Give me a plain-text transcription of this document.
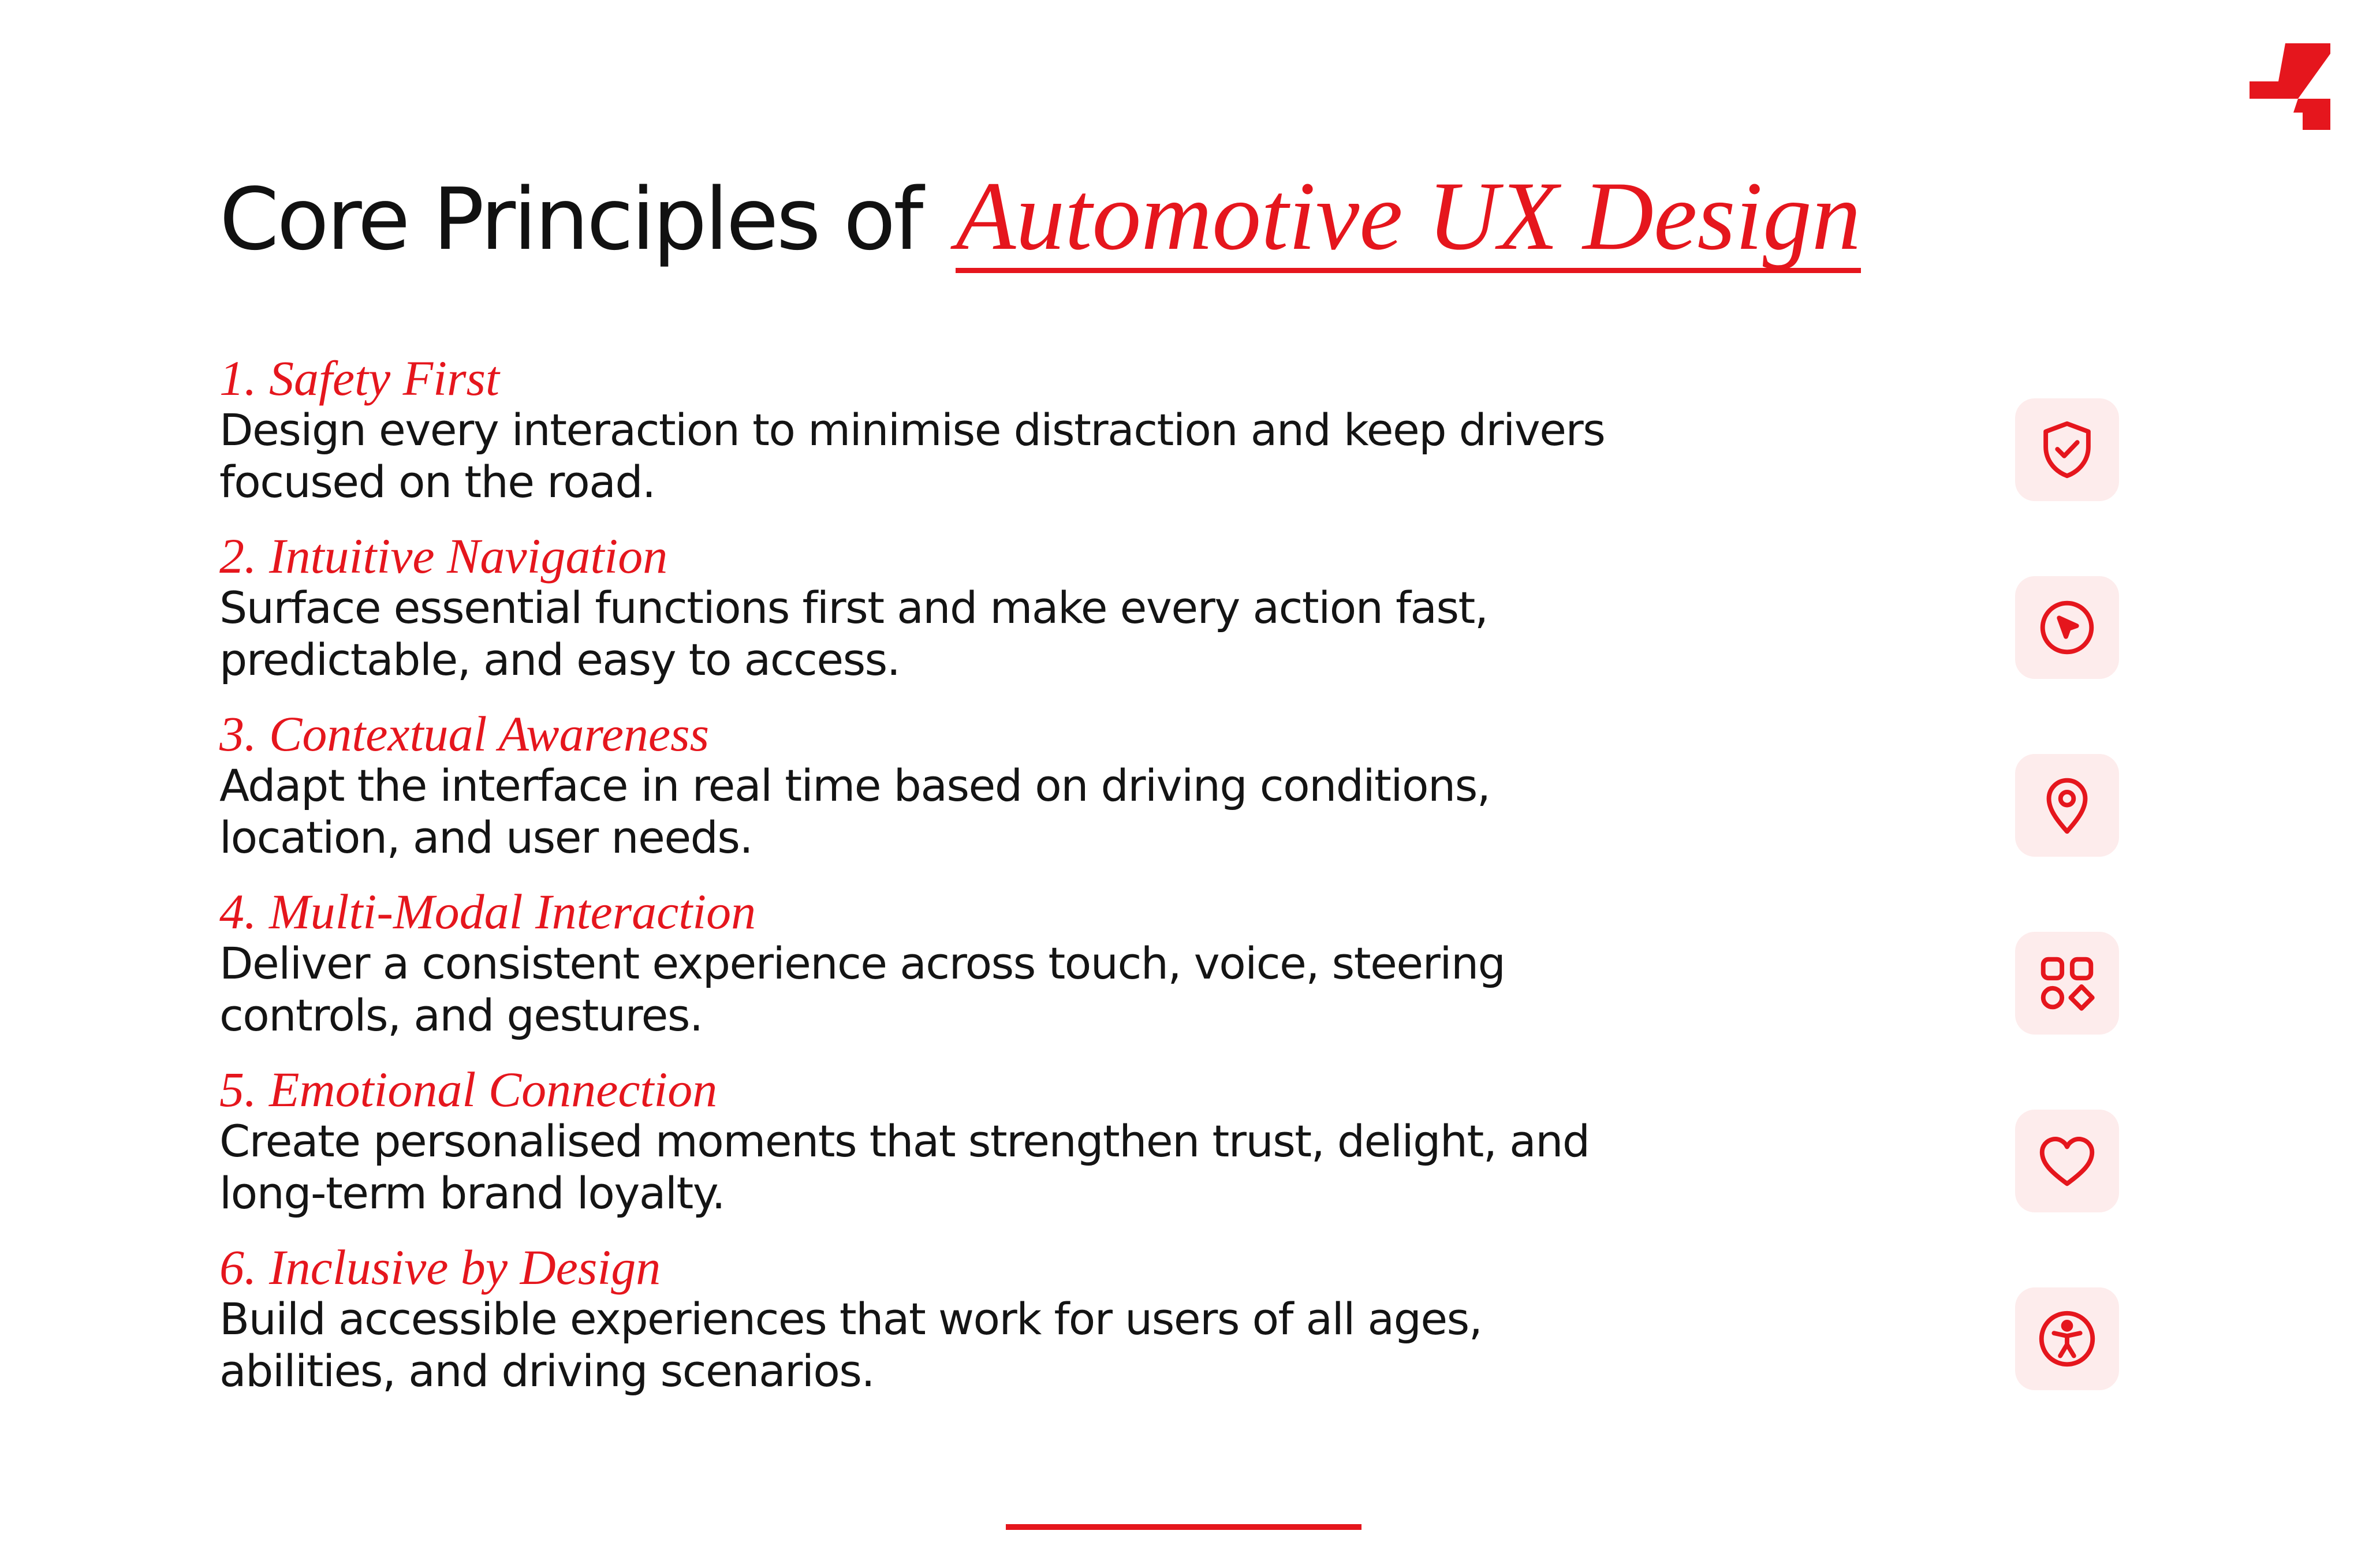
Core Principles of Automotive UX Design
1. Safety First
Design every interaction to minimise distraction and keep drivers focused on the road.
2. Intuitive Navigation
Surface essential functions first and make every action fast, predictable, and easy to access.
3. Contextual Awareness
Adapt the interface in real time based on driving conditions, location, and user needs.
4. Multi-Modal Interaction
Deliver a consistent experience across touch, voice, steering controls, and gestures.
5. Emotional Connection
Create personalised moments that strengthen trust, delight, and long-term brand loyalty.
6. Inclusive by Design
Build accessible experiences that work for users of all ages, abilities, and driving scenarios.
